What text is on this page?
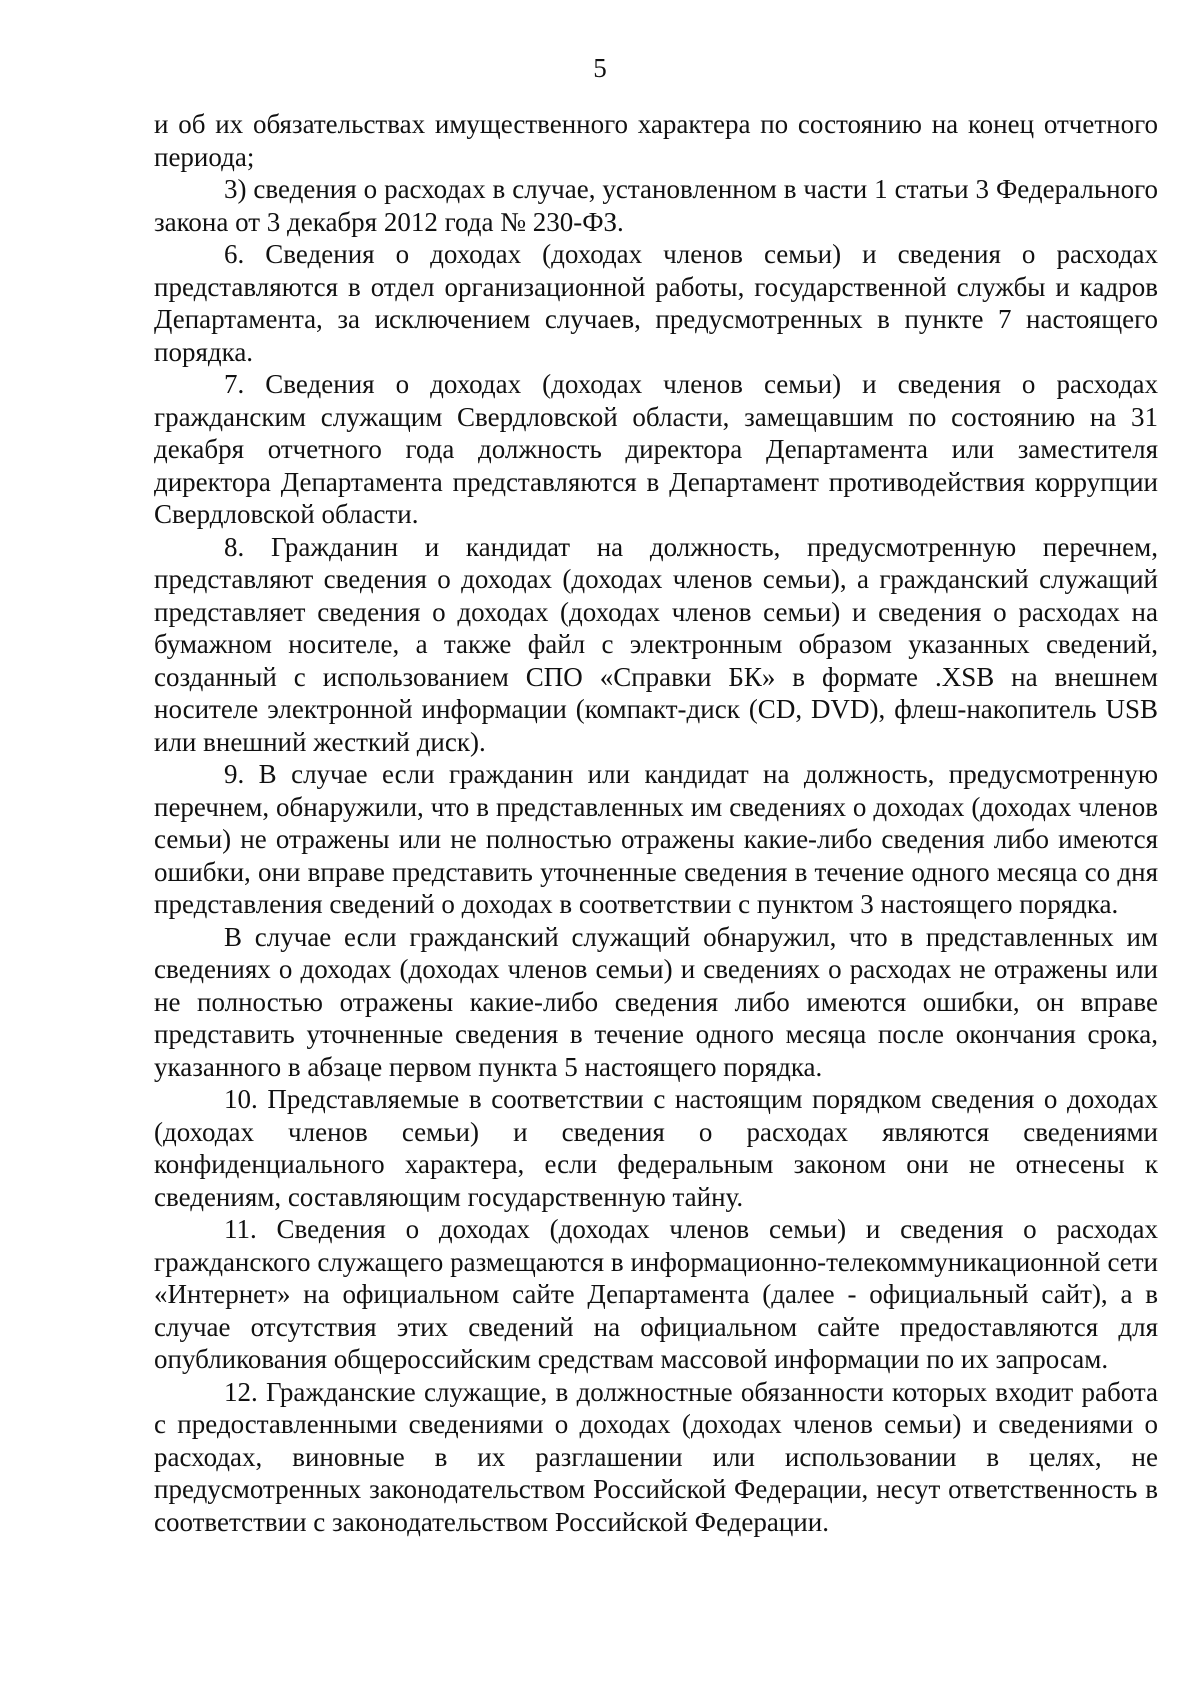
5

и об их обязательствах имущественного характера по состоянию на конец отчетного периода;

3) сведения о расходах в случае, установленном в части 1 статьи 3 Федерального закона от 3 декабря 2012 года № 230-ФЗ.

6. Сведения о доходах (доходах членов семьи) и сведения о расходах представляются в отдел организационной работы, государственной службы и кадров Департамента, за исключением случаев, предусмотренных в пункте 7 настоящего порядка.

7. Сведения о доходах (доходах членов семьи) и сведения о расходах гражданским служащим Свердловской области, замещавшим по состоянию на 31 декабря отчетного года должность директора Департамента или заместителя директора Департамента представляются в Департамент противодействия коррупции Свердловской области.

8. Гражданин и кандидат на должность, предусмотренную перечнем, представляют сведения о доходах (доходах членов семьи), а гражданский служащий представляет сведения о доходах (доходах членов семьи) и сведения о расходах на бумажном носителе, а также файл с электронным образом указанных сведений, созданный с использованием СПО «Справки БК» в формате .XSB на внешнем носителе электронной информации (компакт-диск (CD, DVD), флеш-накопитель USB или внешний жесткий диск).

9. В случае если гражданин или кандидат на должность, предусмотренную перечнем, обнаружили, что в представленных им сведениях о доходах (доходах членов семьи) не отражены или не полностью отражены какие-либо сведения либо имеются ошибки, они вправе представить уточненные сведения в течение одного месяца со дня представления сведений о доходах в соответствии с пунктом 3 настоящего порядка.

В случае если гражданский служащий обнаружил, что в представленных им сведениях о доходах (доходах членов семьи) и сведениях о расходах не отражены или не полностью отражены какие-либо сведения либо имеются ошибки, он вправе представить уточненные сведения в течение одного месяца после окончания срока, указанного в абзаце первом пункта 5 настоящего порядка.

10. Представляемые в соответствии с настоящим порядком сведения о доходах (доходах членов семьи) и сведения о расходах являются сведениями конфиденциального характера, если федеральным законом они не отнесены к сведениям, составляющим государственную тайну.

11. Сведения о доходах (доходах членов семьи) и сведения о расходах гражданского служащего размещаются в информационно-телекоммуникационной сети «Интернет» на официальном сайте Департамента (далее - официальный сайт), а в случае отсутствия этих сведений на официальном сайте предоставляются для опубликования общероссийским средствам массовой информации по их запросам.

12. Гражданские служащие, в должностные обязанности которых входит работа с предоставленными сведениями о доходах (доходах членов семьи) и сведениями о расходах, виновные в их разглашении или использовании в целях, не предусмотренных законодательством Российской Федерации, несут ответственность в соответствии с законодательством Российской Федерации.
